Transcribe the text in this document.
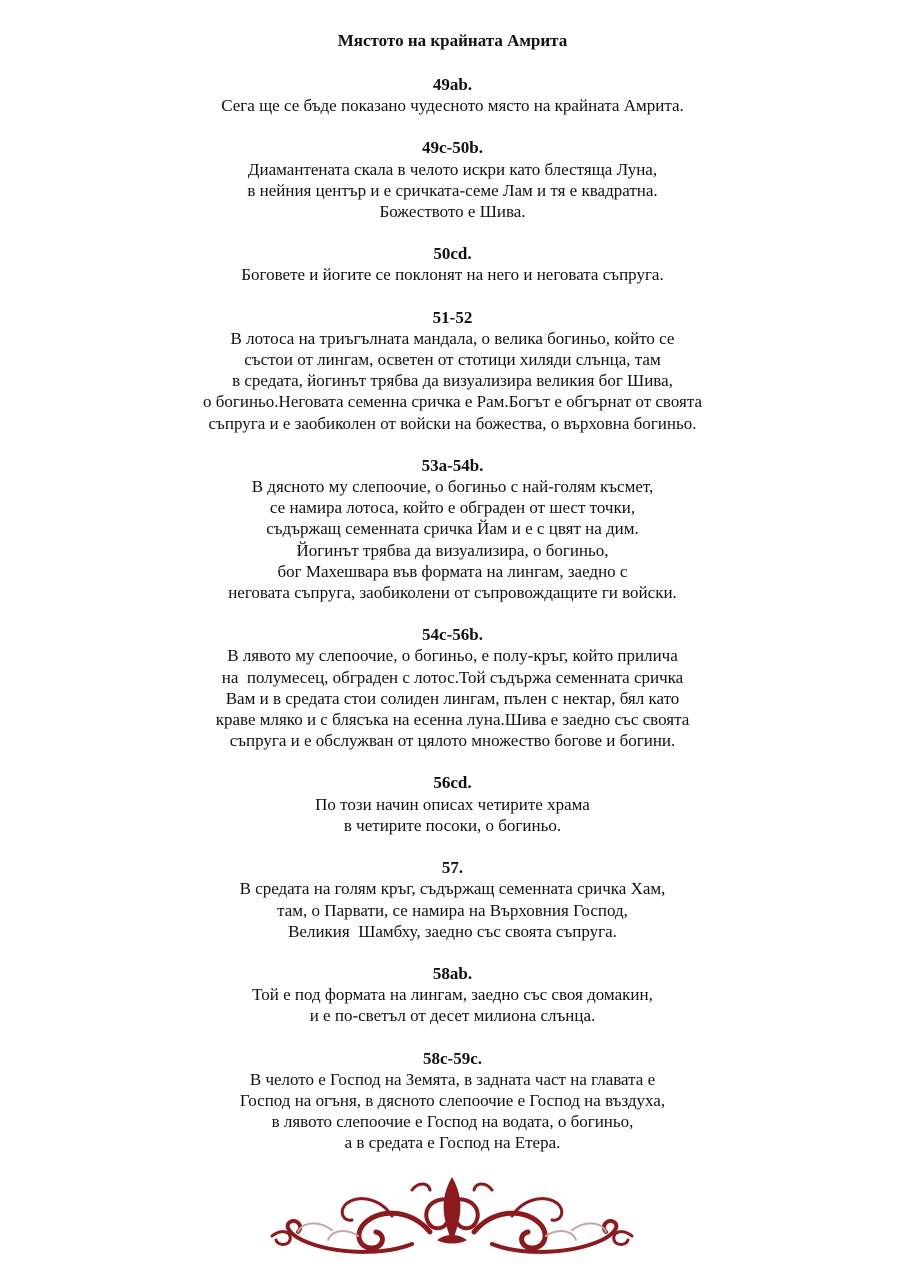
Мястото на крайната Амрита
49ab.
Сега ще се бъде показано чудесното място на крайната Амрита.
49c-50b.
Диамантената скала в челото искри като блестяща Луна,
в нейния център и е сричката-семе Лам и тя е квадратна.
Божеството е Шива.
50cd.
Боговете и йогите се поклонят на него и неговата съпруга.
51-52
В лотоса на триъгълната мандала, о велика богиньо, който се
състои от лингам, осветен от стотици хиляди слънца, там
в средата, йогинът трябва да визуализира великия бог Шива,
о богиньо.Неговата семенна сричка е Рам.Богът е обгърнат от своята
съпруга и е заобиколен от войски на божества, о върховна богиньо.
53a-54b.
В дясното му слепоочие, о богиньо с най-голям късмет,
се намира лотоса, който е обграден от шест точки,
съдържащ семенната сричка Йам и е с цвят на дим.
Йогинът трябва да визуализира, о богиньо,
бог Махешвара във формата на лингам, заедно с
неговата съпруга, заобиколени от съпровождащите ги войски.
54c-56b.
В лявото му слепоочие, о богиньо, е полу-кръг, който прилича
на  полумесец, обграден с лотос.Той съдържа семенната сричка
Вам и в средата стои солиден лингам, пълен с нектар, бял като
краве мляко и с блясъка на есенна луна.Шива е заедно със своята
съпруга и е обслужван от цялото множество богове и богини.
56cd.
По този начин описах четирите храма
в четирите посоки, о богиньо.
57.
В средата на голям кръг, съдържащ семенната сричка Хам,
там, о Парвати, се намира на Върховния Господ,
Великия  Шамбху, заедно със своята съпруга.
58ab.
Той е под формата на лингам, заедно със своя домакин,
и е по-светъл от десет милиона слънца.
58c-59c.
В челото е Господ на Земята, в задната част на главата е
Господ на огъня, в дясното слепоочие е Господ на въздуха,
в лявото слепоочие е Господ на водата, о богиньо,
а в средата е Господ на Етера.
